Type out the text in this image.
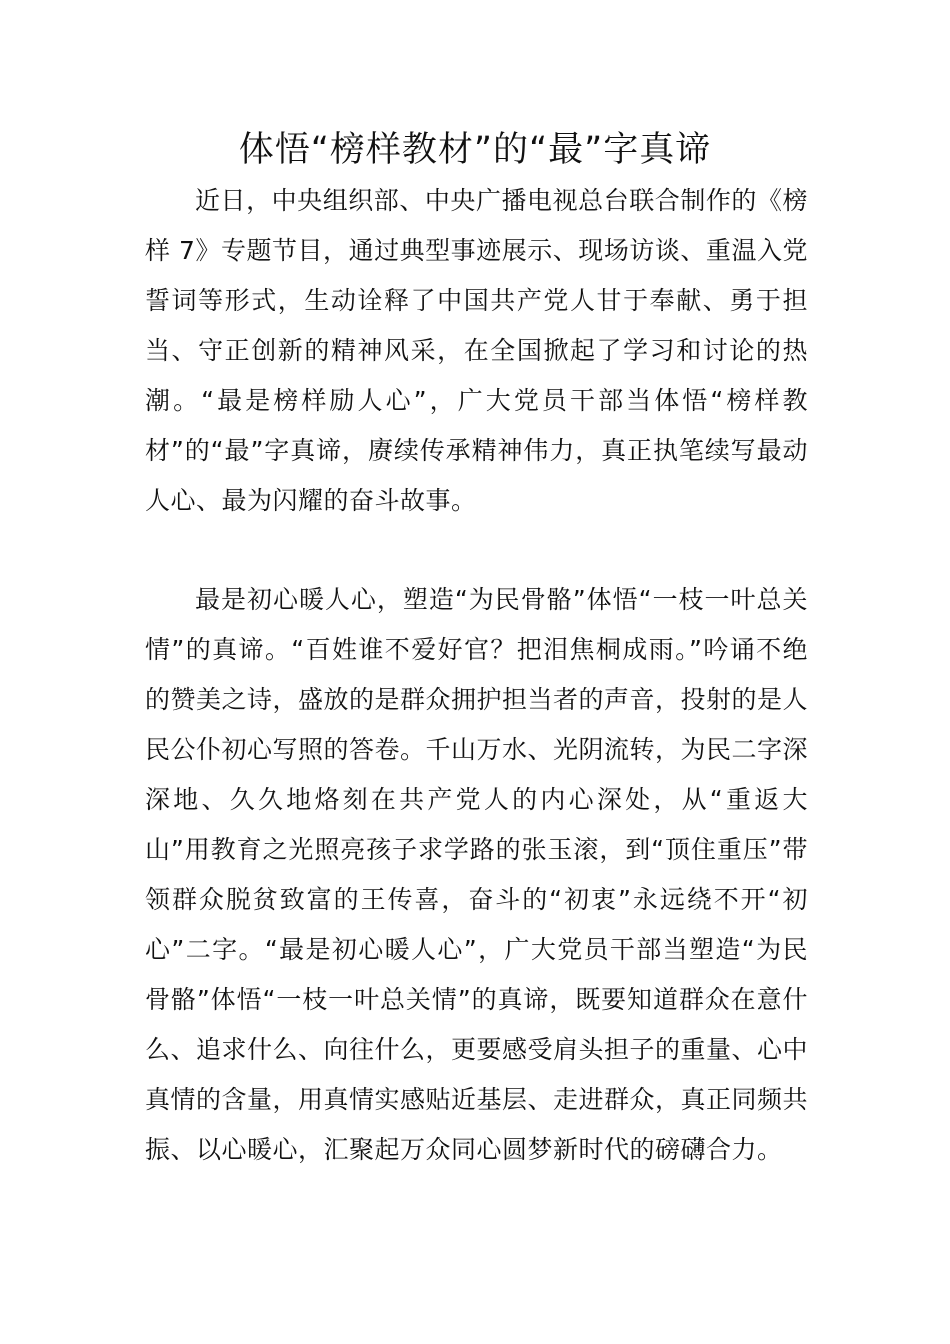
体悟“榜样教材”的“最”字真谛

近日，中央组织部、中央广播电视总台联合制作的《榜样 7》专题节目，通过典型事迹展示、现场访谈、重温入党誓词等形式，生动诠释了中国共产党人甘于奉献、勇于担当、守正创新的精神风采，在全国掀起了学习和讨论的热潮。“最是榜样励人心”，广大党员干部当体悟“榜样教材”的“最”字真谛，赓续传承精神伟力，真正执笔续写最动人心、最为闪耀的奋斗故事。

最是初心暖人心，塑造“为民骨骼”体悟“一枝一叶总关情”的真谛。“百姓谁不爱好官？把泪焦桐成雨。”吟诵不绝的赞美之诗，盛放的是群众拥护担当者的声音，投射的是人民公仆初心写照的答卷。千山万水、光阴流转，为民二字深深地、久久地烙刻在共产党人的内心深处，从“重返大山”用教育之光照亮孩子求学路的张玉滚，到“顶住重压”带领群众脱贫致富的王传喜，奋斗的“初衷”永远绕不开“初心”二字。“最是初心暖人心”，广大党员干部当塑造“为民骨骼”体悟“一枝一叶总关情”的真谛，既要知道群众在意什么、追求什么、向往什么，更要感受肩头担子的重量、心中真情的含量，用真情实感贴近基层、走进群众，真正同频共振、以心暖心，汇聚起万众同心圆梦新时代的磅礴合力。
